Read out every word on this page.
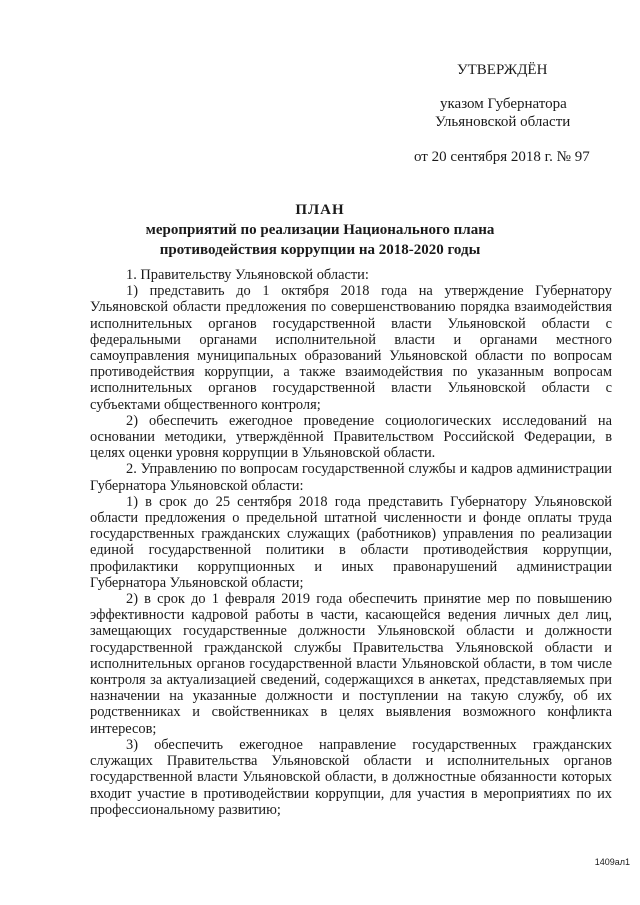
УТВЕРЖДЁН
указом Губернатора
Ульяновской области
от 20 сентября 2018 г. № 97
ПЛАН
мероприятий по реализации Национального плана
противодействия коррупции на 2018-2020 годы

1. Правительству Ульяновской области:

1) представить до 1 октября 2018 года на утверждение Губернатору Ульяновской области предложения по совершенствованию порядка взаимодействия исполнительных органов государственной власти Ульяновской области с федеральными органами исполнительной власти и органами местного самоуправления муниципальных образований Ульяновской области по вопросам противодействия коррупции, а также взаимодействия по указанным вопросам исполнительных органов государственной власти Ульяновской области с субъектами общественного контроля;

2) обеспечить ежегодное проведение социологических исследований на основании методики, утверждённой Правительством Российской Федерации, в целях оценки уровня коррупции в Ульяновской области.

2. Управлению по вопросам государственной службы и кадров администрации Губернатора Ульяновской области:

1) в срок до 25 сентября 2018 года представить Губернатору Ульяновской области предложения о предельной штатной численности и фонде оплаты труда государственных гражданских служащих (работников) управления по реализации единой государственной политики в области противодействия коррупции, профилактики коррупционных и иных правонарушений администрации Губернатора Ульяновской области;

2) в срок до 1 февраля 2019 года обеспечить принятие мер по повышению эффективности кадровой работы в части, касающейся ведения личных дел лиц, замещающих государственные должности Ульяновской области и должности государственной гражданской службы Правительства Ульяновской области и исполнительных органов государственной власти Ульяновской области, в том числе контроля за актуализацией сведений, содержащихся в анкетах, представляемых при назначении на указанные должности и поступлении на такую службу, об их родственниках и свойственниках в целях выявления возможного конфликта интересов;

3) обеспечить ежегодное направление государственных гражданских служащих Правительства Ульяновской области и исполнительных органов государственной власти Ульяновской области, в должностные обязанности которых входит участие в противодействии коррупции, для участия в мероприятиях по их профессиональному развитию;

1409aл1
